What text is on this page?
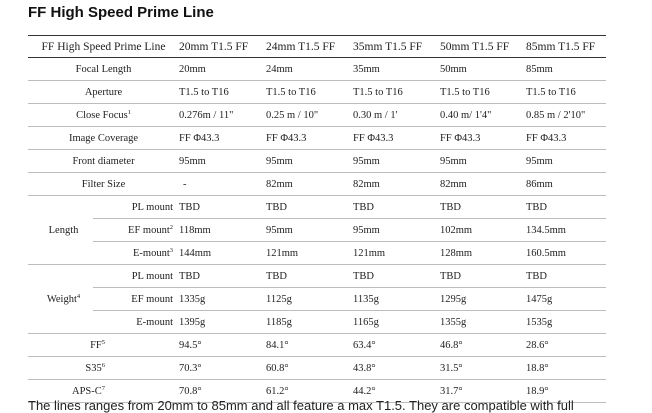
FF High Speed Prime Line
FF High Speed Prime Line		20mm T1.5 FF	24mm T1.5 FF	35mm T1.5 FF	50mm T1.5 FF	85mm T1.5 FF
Focal Length		20mm	24mm	35mm	50mm	85mm
Aperture		T1.5 to T16	T1.5 to T16	T1.5 to T16	T1.5 to T16	T1.5 to T16
Close Focus$^1$		0.276m / 11"	0.25 m / 10"	0.30 m / 1'	0.40 m/ 1'4"	0.85 m / 2'10"
Image Coverage		FF Φ43.3	FF Φ43.3	FF Φ43.3	FF Φ43.3	FF Φ43.3
Front diameter		95mm	95mm	95mm	95mm	95mm
Filter Size		-	82mm	82mm	82mm	86mm
Length	PL mount	TBD	TBD	TBD	TBD	TBD
	EF mount$^2$	118mm	95mm	95mm	102mm	134.5mm
	E-mount$^3$	144mm	121mm	121mm	128mm	160.5mm
Weight$^4$	PL mount	TBD	TBD	TBD	TBD	TBD
	EF mount	1335g	1125g	1135g	1295g	1475g
	E-mount	1395g	1185g	1165g	1355g	1535g
$FF^5$		94.5°	84.1°	63.4°	46.8°	28.6°
$S35^6$		70.3°	60.8°	43.8°	31.5°	18.8°
APS-$C^7$		70.8°	61.2°	44.2°	31.7°	18.9°
The lines ranges from 20mm to 85mm and all feature a max T1.5. They are compatible with full
